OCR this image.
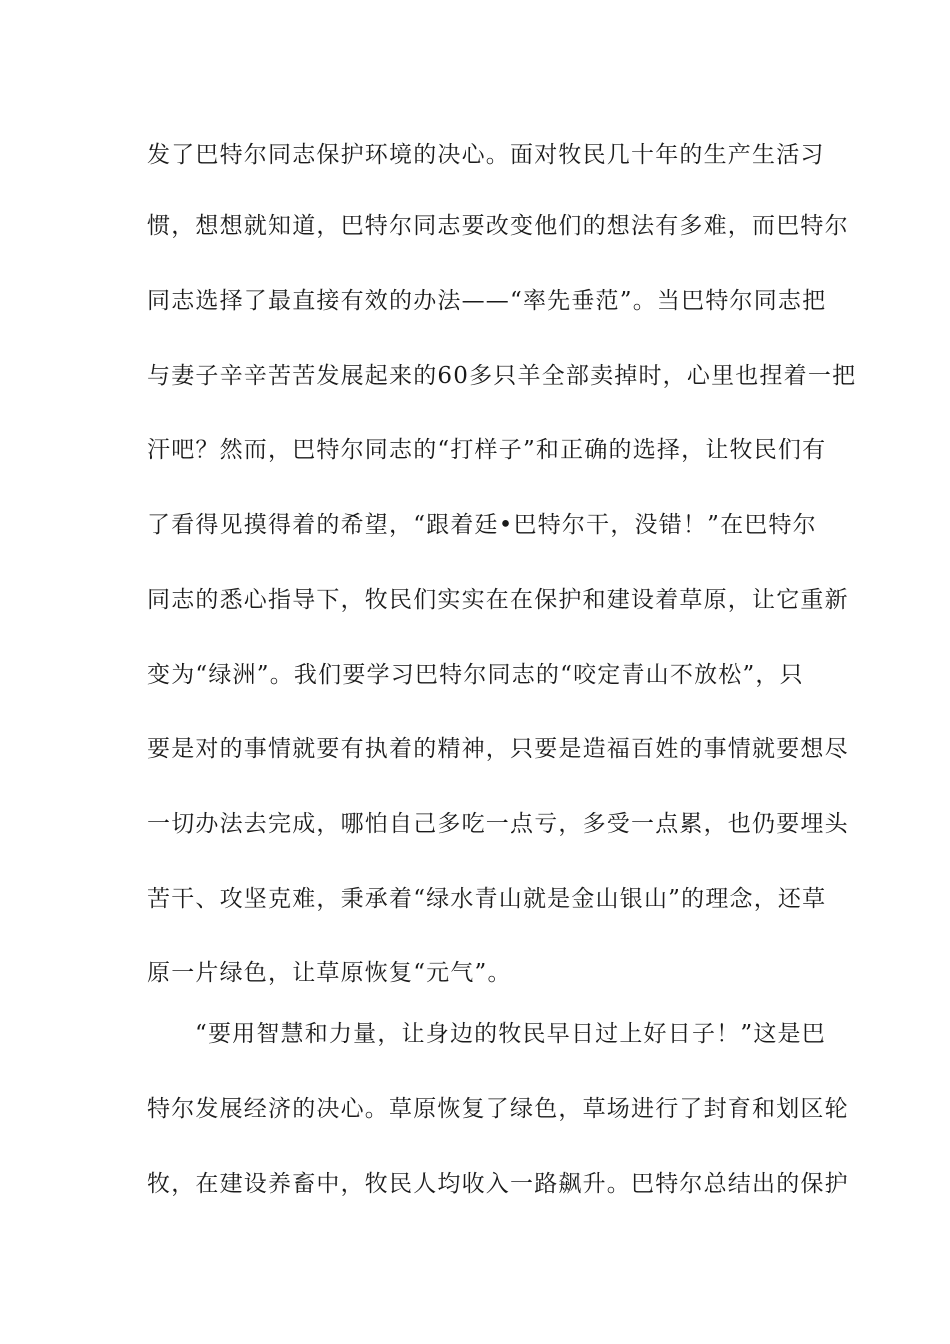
发了巴特尔同志保护环境的决心。面对牧民几十年的生产生活习
惯，想想就知道，巴特尔同志要改变他们的想法有多难，而巴特尔
同志选择了最直接有效的办法——“率先垂范”。当巴特尔同志把
与妻子辛辛苦苦发展起来的60多只羊全部卖掉时，心里也捏着一把
汗吧？然而，巴特尔同志的“打样子”和正确的选择，让牧民们有
了看得见摸得着的希望，“跟着廷•巴特尔干，没错！”在巴特尔
同志的悉心指导下，牧民们实实在在保护和建设着草原，让它重新
变为“绿洲”。我们要学习巴特尔同志的“咬定青山不放松”，只
要是对的事情就要有执着的精神，只要是造福百姓的事情就要想尽
一切办法去完成，哪怕自己多吃一点亏，多受一点累，也仍要埋头
苦干、攻坚克难，秉承着“绿水青山就是金山银山”的理念，还草
原一片绿色，让草原恢复“元气”。
“要用智慧和力量，让身边的牧民早日过上好日子！”这是巴
特尔发展经济的决心。草原恢复了绿色，草场进行了封育和划区轮
牧，在建设养畜中，牧民人均收入一路飙升。巴特尔总结出的保护
